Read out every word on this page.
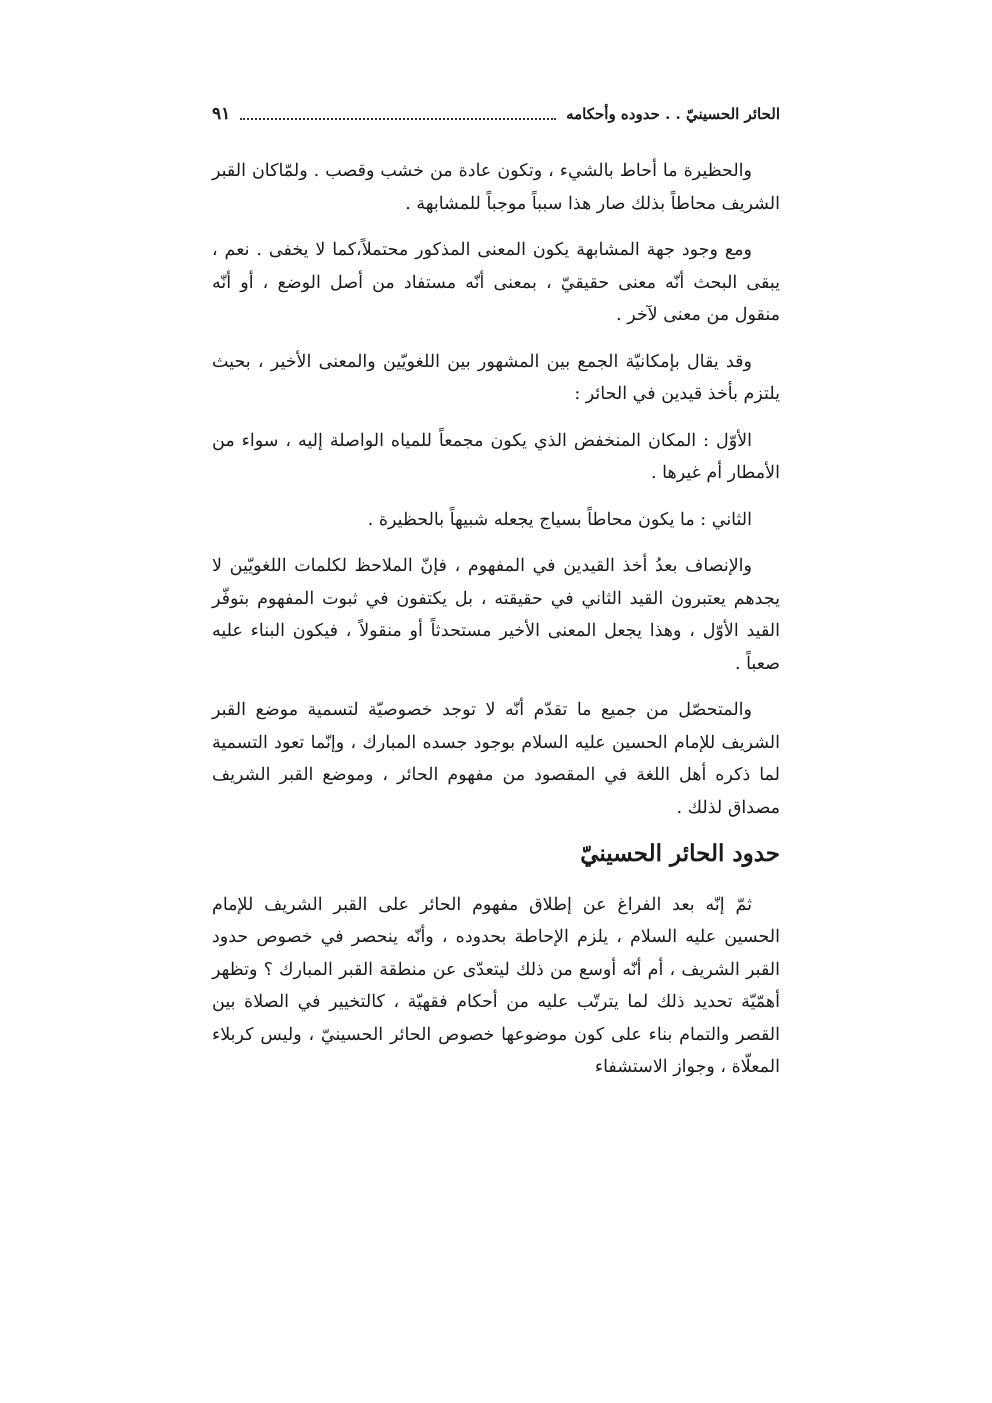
الحائر الحسينيّ . . حدوده وأحكامه
٩١

والحظيرة ما أحاط بالشيء ، وتكون عادة من خشب وقصب . ولمّاكان القبر الشريف محاطاً بذلك صار هذا سبباً موجباً للمشابهة .

ومع وجود جهة المشابهة يكون المعنى المذكور محتملاً،كما لا يخفى . نعم ، يبقى البحث أنّه معنى حقيقيّ ، بمعنى أنّه مستفاد من أصل الوضع ، أو أنّه منقول من معنى لآخر .

وقد يقال بإمكانيّة الجمع بين المشهور بين اللغويّين والمعنى الأخير ، بحيث يلتزم بأخذ قيدين في الحائر :

الأوّل : المكان المنخفض الذي يكون مجمعاً للمياه الواصلة إليه ، سواء من الأمطار أم غيرها .

الثاني : ما يكون محاطاً بسياج يجعله شبيهاً بالحظيرة .

والإنصاف بعدُ أخذ القيدين في المفهوم ، فإنّ الملاحظ لكلمات اللغويّين لا يجدهم يعتبرون القيد الثاني في حقيقته ، بل يكتفون في ثبوت المفهوم بتوفّر القيد الأوّل ، وهذا يجعل المعنى الأخير مستحدثاً أو منقولاً ، فيكون البناء عليه صعباً .

والمتحصّل من جميع ما تقدّم أنّه لا توجد خصوصيّة لتسمية موضع القبر الشريف للإمام الحسين عليه السلام بوجود جسده المبارك ، وإنّما تعود التسمية لما ذكره أهل اللغة في المقصود من مفهوم الحائر ، وموضع القبر الشريف مصداق لذلك .

حدود الحائر الحسينيّ

ثمّ إنّه بعد الفراغ عن إطلاق مفهوم الحائر على القبر الشريف للإمام الحسين عليه السلام ، يلزم الإحاطة بحدوده ، وأنّه ينحصر في خصوص حدود القبر الشريف ، أم أنّه أوسع من ذلك ليتعدّى عن منطقة القبر المبارك ؟ وتظهر أهمّيّة تحديد ذلك لما يترتّب عليه من أحكام فقهيّة ، كالتخيير في الصلاة بين القصر والتمام بناء على كون موضوعها خصوص الحائر الحسينيّ ، وليس كربلاء المعلّاة ، وجواز الاستشفاء
